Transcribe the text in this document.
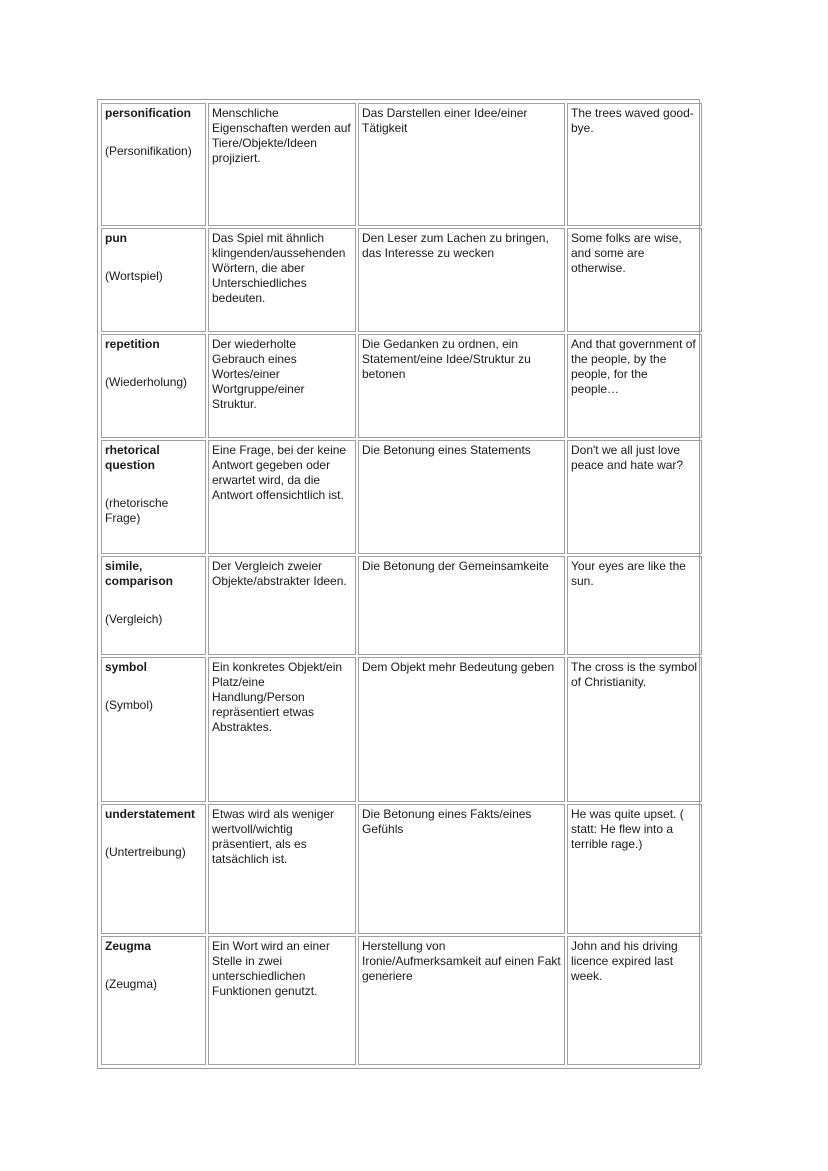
personification
(Personifikation)	Menschliche Eigenschaften werden auf Tiere/Objekte/Ideen projiziert.	Das Darstellen einer Idee/einer Tätigkeit	The trees waved good-bye.

pun
(Wortspiel)	Das Spiel mit ähnlich klingenden/aussehenden Wörtern, die aber Unterschiedliches bedeuten.	Den Leser zum Lachen zu bringen, das Interesse zu wecken	Some folks are wise, and some are otherwise.

repetition
(Wiederholung)	Der wiederholte Gebrauch eines Wortes/einer Wortgruppe/einer Struktur.	Die Gedanken zu ordnen, ein Statement/eine Idee/Struktur zu betonen	And that government of the people, by the people, for the people…

rhetorical question
(rhetorische Frage)	Eine Frage, bei der keine Antwort gegeben oder erwartet wird, da die Antwort offensichtlich ist.	Die Betonung eines Statements	Don't we all just love peace and hate war?

simile, comparison
(Vergleich)	Der Vergleich zweier Objekte/abstrakter Ideen.	Die Betonung der Gemeinsamkeite	Your eyes are like the sun.

symbol
(Symbol)	Ein konkretes Objekt/ein Platz/eine Handlung/Person repräsentiert etwas Abstraktes.	Dem Objekt mehr Bedeutung geben	The cross is the symbol of Christianity.

understatement
(Untertreibung)	Etwas wird als weniger wertvoll/wichtig präsentiert, als es tatsächlich ist.	Die Betonung eines Fakts/eines Gefühls	He was quite upset. ( statt: He flew into a terrible rage.)

Zeugma
(Zeugma)	Ein Wort wird an einer Stelle in zwei unterschiedlichen Funktionen genutzt.	Herstellung von Ironie/Aufmerksamkeit auf einen Fakt generiere	John and his driving licence expired last week.
